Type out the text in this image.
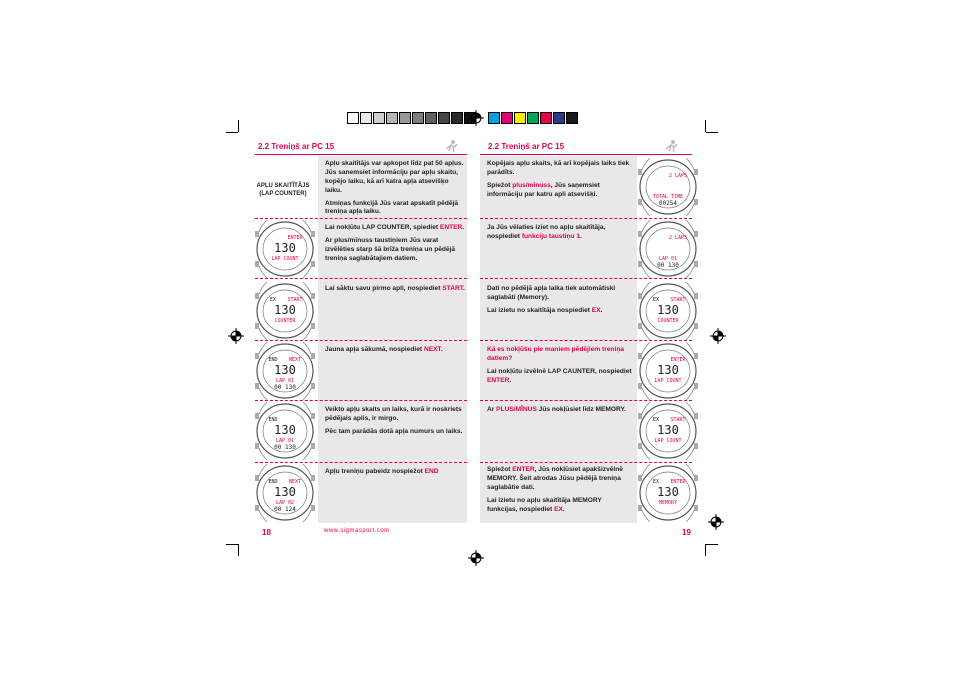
2.2 Treniņš ar PC 15	2.2 Treniņš ar PC 15
APĻU SKAITĪTĀJS
(LAP COUNTER)

Apļu skaitītājs var apkopot līdz pat 50 apļus. Jūs sanemsiet informāciju par apļu skaitu, kopējo laiku, kā arī katra apļa atsevišķo laiku.

Atmiņas funkcijā Jūs varat apskatīt pēdējā treniņa apļa laiku.

Lai nokļūtu LAP COUNTER, spiediet ENTER.

Ar plus/mīnuss taustiņiem Jūs varat izvēlēties starp šā brīža treniņa un pēdējā treniņa saglabātajiem datiem.

Lai sāktu savu pirmo apli, nospiediet START.

Jauna apļa sākumā, nospiediet NEXT.

Veikto apļu skaits un laiks, kurā ir noskriets pēdējais aplis, ir mirgo.

Pēc tam parādās dotā apļa numurs un laiks.

Apļu treniņu pabeidz nospiežot END

Kopējais apļu skaits, kā arī kopējais laiks tiek parādīts.

Spiežot plus/mīnuss, Jūs saņemsiet informāciju par katru apli atsevišķi.

Ja Jūs vēlaties iziet no apļu skaitītāja, nospiediet funkciju taustiņu 1.

Dati no pēdējā apļa laika tiek automātiski saglabāti (Memory).

Lai izietu no skaitītāja nospiediet EX.

Kā es nokļūšu pie maniem pēdējiem treniņa datiem?

Lai nokļūtu izvēlnē LAP CAUNTER, nospiediet ENTER.

Ar PLUS/MĪNUS Jūs nokļūsiet līdz MEMORY.

Spiežot ENTER, Jūs nokļūsiet apakšizvēlnē MEMORY. Šeit atrodas Jūsu pēdējā treniņa saglabātie dati.

Lai izietu no apļu skaitītāja MEMORY funkcijas, nospiediet EX.

ENTER
130
LAP COUNT
EX START
130
COUNTER
END NEXT
130
LAP 01
00 130
END
130
LAP 01
00 130
END NEXT
130
LAP 02
00 124
2 LAPS
TOTAL TIME
00254
2 LAPS
LAP 01
00 130
EX START
130
COUNTER
ENTER
130
LAP COUNT
EX START
130
LAP COUNT
EX ENTER
130
MEMORY
18	www.sigmasport.com	19
